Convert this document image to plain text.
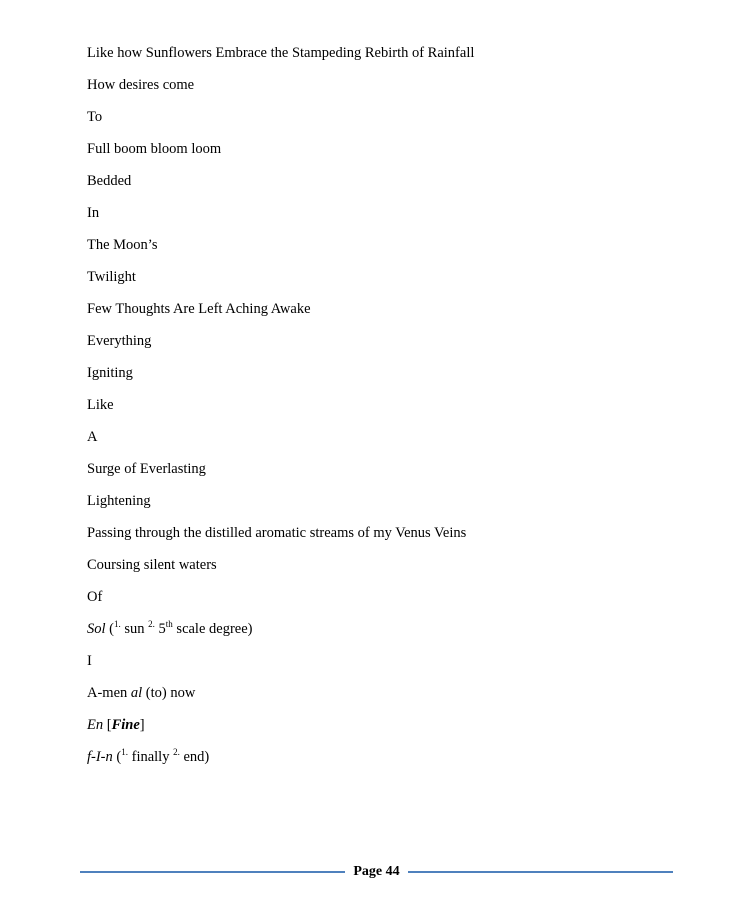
Like how Sunflowers Embrace the Stampeding Rebirth of Rainfall
How desires come
To
Full boom bloom loom
Bedded
In
The Moon’s
Twilight
Few Thoughts Are Left Aching Awake
Everything
Igniting
Like
A
Surge of Everlasting
Lightening
Passing through the distilled aromatic streams of my Venus Veins
Coursing silent waters
Of
Sol ($^{1.}$ sun $^{2.}$ 5th scale degree)
I
A-men al (to) now
En [Fine]
f-I-n ($^{1.}$ finally $^{2.}$ end)
Page 44
